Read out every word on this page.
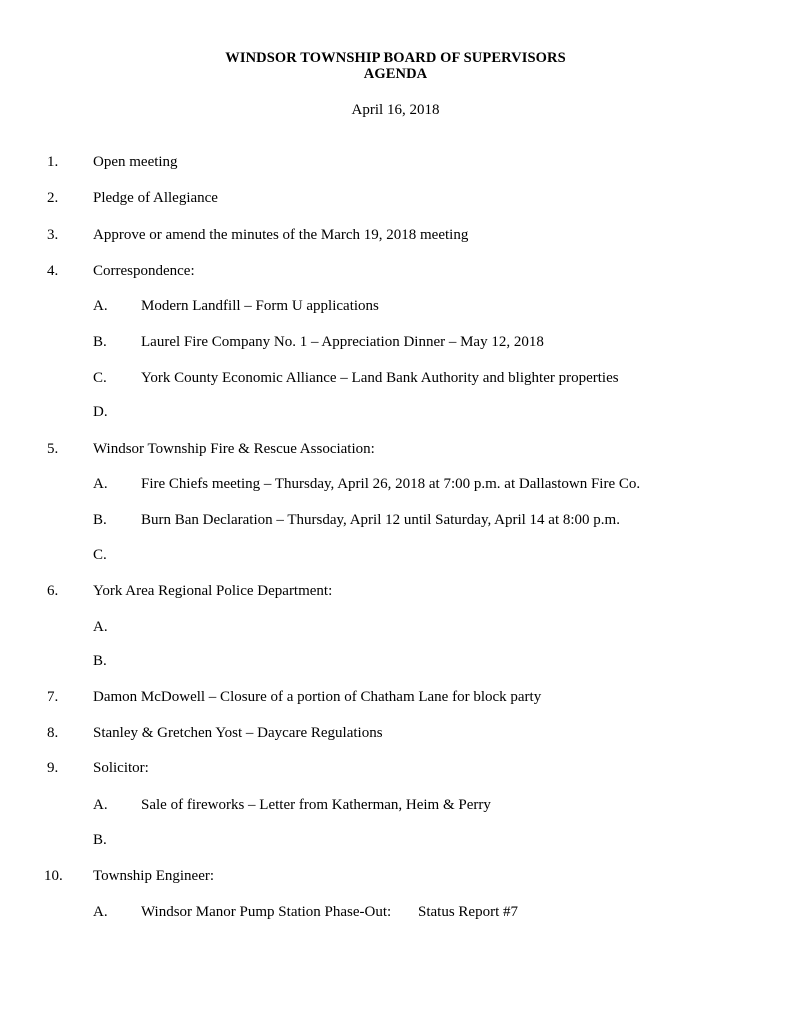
WINDSOR TOWNSHIP BOARD OF SUPERVISORS
AGENDA
April 16, 2018
1. Open meeting
2. Pledge of Allegiance
3. Approve or amend the minutes of the March 19, 2018 meeting
4. Correspondence:
A. Modern Landfill – Form U applications
B. Laurel Fire Company No. 1 – Appreciation Dinner – May 12, 2018
C. York County Economic Alliance – Land Bank Authority and blighter properties
D.
5. Windsor Township Fire & Rescue Association:
A. Fire Chiefs meeting – Thursday, April 26, 2018 at 7:00 p.m. at Dallastown Fire Co.
B. Burn Ban Declaration – Thursday, April 12 until Saturday, April 14 at 8:00 p.m.
C.
6. York Area Regional Police Department:
A.
B.
7. Damon McDowell – Closure of a portion of Chatham Lane for block party
8. Stanley & Gretchen Yost – Daycare Regulations
9. Solicitor:
A. Sale of fireworks – Letter from Katherman, Heim & Perry
B.
10. Township Engineer:
A. Windsor Manor Pump Station Phase-Out: Status Report #7
